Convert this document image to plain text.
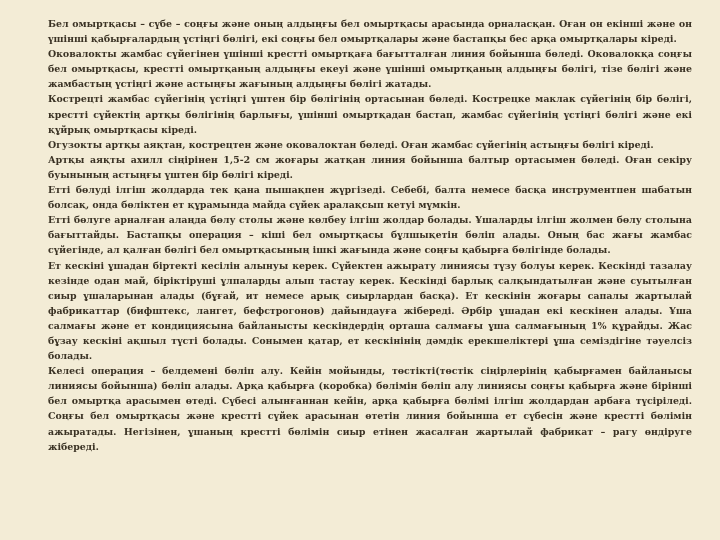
Бел омыртқасы – сүбе – соңғы және оның алдыңғы бел омыртқасы арасында орналасқан. Оған он екінші және он үшінші қабырғалардың үстіңгі бөлігі, екі соңғы бел омыртқалары және бастапқы бес арқа омыртқалары кіреді.

Оковалокты жамбас сүйегінен үшінші крестті омыртқаға бағытталған линия бойынша бөледі. Оковалокқа соңғы бел омыртқасы, крестті омыртқаның алдыңғы екеуі және үшінші омыртқаның алдыңғы бөлігі, тізе бөлігі және жамбастың үстіңгі және астыңғы жағының алдыңғы бөлігі жатады.

Кострецті жамбас сүйегінің үстіңгі үштен бір бөлігінің ортасынан бөледі. Кострецке маклак сүйегінің бір бөлігі, крестті сүйектің артқы бөлігінің барлығы, үшінші омыртқадан бастап, жамбас сүйегінің үстіңгі бөлігі және екі құйрық омыртқасы кіреді.

Огузокты артқы аяқтан, кострецтен және оковалоктан бөледі. Оған жамбас сүйегінің астыңғы бөлігі кіреді.

Артқы аяқты ахилл сіңірінен 1,5-2 см жоғары жатқан линия бойынша балтыр ортасымен бөледі. Оған секіру буынының астыңғы үштен бір бөлігі кіреді.

Етті бөлуді ілгіш жолдарда тек қана пышақпен жүргізеді. Себебі, балта немесе басқа инструментпен шабатын болсақ, онда бөліктен ет құрамында майда сүйек аралақсып кетуі мүмкін.

Етті бөлуге арналған алаңда бөлу столы және көлбеу ілгіш жолдар болады. Ұшаларды ілгіш жолмен бөлу столына бағыттайды. Бастапқы операция – кіші бел омыртқасы бұлшықетін бөліп алады. Оның бас жағы жамбас сүйегінде, ал қалған бөлігі бел омыртқасының ішкі жағында және соңғы қабырға бөлігінде болады.

Ет кескіні ұшадан біртекті кесілін алынуы керек. Сүйектен ажырату линиясы түзу болуы керек. Кескінді тазалау кезінде одан май, біріктіруші ұлпаларды алып тастау керек. Кескінді барлық салқындатылған және суытылған сиыр ұшаларынан алады (бұғай, ит немесе арық сиырлардан басқа). Ет кескінін жоғары сапалы жартылай фабрикаттар (бифштекс, лангет, бефстрогонов) дайындауға жібереді. Әрбір ұшадан екі кескінен алады. Ұша салмағы және ет кондициясына байланысты кескіндердің орташа салмағы ұша салмағының 1% құрайды. Жас бұзау кескіні ақшыл түсті болады. Сонымен қатар, ет кескінінің дәмдік ерекшеліктері ұша семіздігіне тәуелсіз болады.

Келесі операция – белдемені бөліп алу. Кейін мойынды, төстікті(төстік сіңірлерінің қабырғамен байланысы линиясы бойынша) бөліп алады. Арқа қабырға (коробка) бөлімін бөліп алу линиясы соңғы қабырға және бірінші бел омыртқа арасымен өтеді. Сүбесі алынғаннан кейін, арқа қабырға бөлімі ілгіш жолдардан арбаға түсіріледі. Соңғы бел омыртқасы және крестті сүйек арасынан өтетін линия бойынша ет сүбесін және крестті бөлімін ажыратады. Негізінен, ұшаның крестті бөлімін сиыр етінен жасалған жартылай фабрикат – рагу өндіруге жібереді.
